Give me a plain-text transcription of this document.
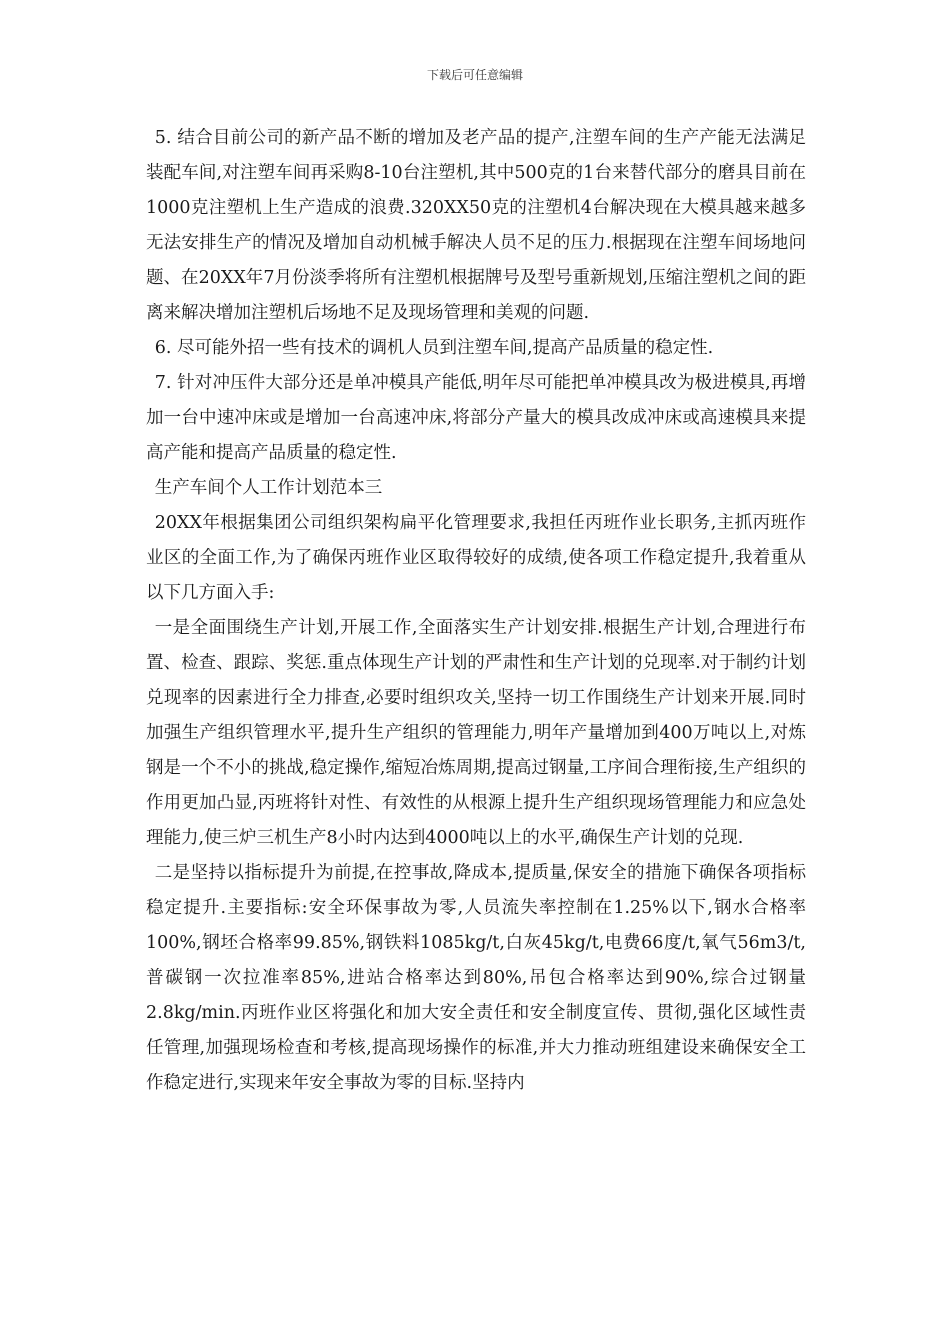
下载后可任意编辑

5. 结合目前公司的新产品不断的增加及老产品的提产,注塑车间的生产产能无法满足装配车间,对注塑车间再采购8-10台注塑机,其中500克的1台来替代部分的磨具目前在1000克注塑机上生产造成的浪费.320XX50克的注塑机4台解决现在大模具越来越多无法安排生产的情况及增加自动机械手解决人员不足的压力.根据现在注塑车间场地问题、在20XX年7月份淡季将所有注塑机根据牌号及型号重新规划,压缩注塑机之间的距离来解决增加注塑机后场地不足及现场管理和美观的问题.

6. 尽可能外招一些有技术的调机人员到注塑车间,提高产品质量的稳定性.

7. 针对冲压件大部分还是单冲模具产能低,明年尽可能把单冲模具改为极进模具,再增加一台中速冲床或是增加一台高速冲床,将部分产量大的模具改成冲床或高速模具来提高产能和提高产品质量的稳定性.

生产车间个人工作计划范本三

20XX年根据集团公司组织架构扁平化管理要求,我担任丙班作业长职务,主抓丙班作业区的全面工作,为了确保丙班作业区取得较好的成绩,使各项工作稳定提升,我着重从以下几方面入手:

一是全面围绕生产计划,开展工作,全面落实生产计划安排.根据生产计划,合理进行布置、检查、跟踪、奖惩.重点体现生产计划的严肃性和生产计划的兑现率.对于制约计划兑现率的因素进行全力排查,必要时组织攻关,坚持一切工作围绕生产计划来开展.同时加强生产组织管理水平,提升生产组织的管理能力,明年产量增加到400万吨以上,对炼钢是一个不小的挑战,稳定操作,缩短冶炼周期,提高过钢量,工序间合理衔接,生产组织的作用更加凸显,丙班将针对性、有效性的从根源上提升生产组织现场管理能力和应急处理能力,使三炉三机生产8小时内达到4000吨以上的水平,确保生产计划的兑现.

二是坚持以指标提升为前提,在控事故,降成本,提质量,保安全的措施下确保各项指标稳定提升.主要指标:安全环保事故为零,人员流失率控制在1.25%以下,钢水合格率100%,钢坯合格率99.85%,钢铁料1085kg/t,白灰45kg/t,电费66度/t,氧气56m3/t,普碳钢一次拉准率85%,进站合格率达到80%,吊包合格率达到90%,综合过钢量2.8kg/min.丙班作业区将强化和加大安全责任和安全制度宣传、贯彻,强化区域性责任管理,加强现场检查和考核,提高现场操作的标准,并大力推动班组建设来确保安全工作稳定进行,实现来年安全事故为零的目标.坚持内
